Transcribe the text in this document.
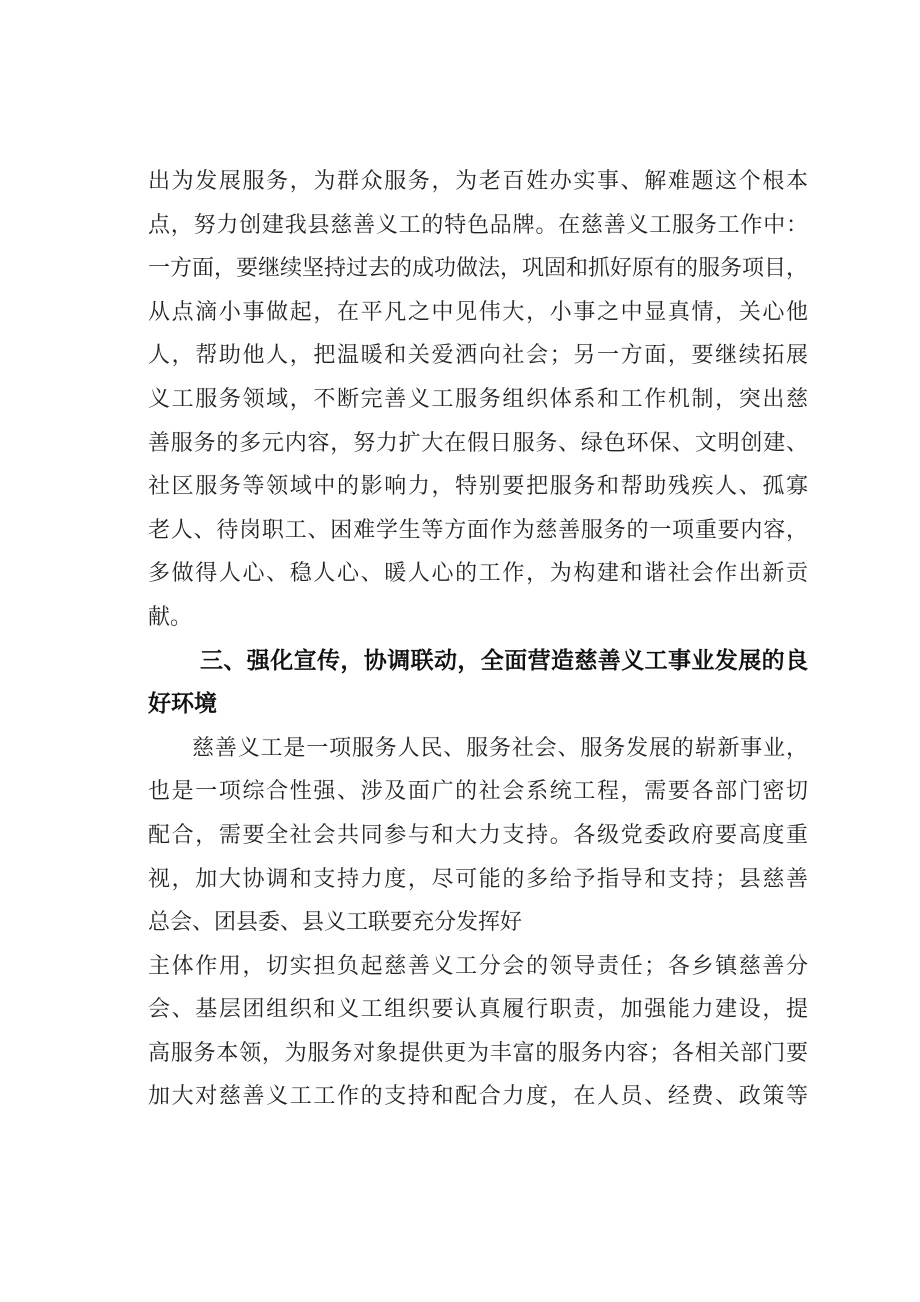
出为发展服务，为群众服务，为老百姓办实事、解难题这个根本
点，努力创建我县慈善义工的特色品牌。在慈善义工服务工作中：
一方面，要继续坚持过去的成功做法，巩固和抓好原有的服务项目，
从点滴小事做起，在平凡之中见伟大，小事之中显真情，关心他
人，帮助他人，把温暖和关爱洒向社会；另一方面，要继续拓展
义工服务领域，不断完善义工服务组织体系和工作机制，突出慈
善服务的多元内容，努力扩大在假日服务、绿色环保、文明创建、
社区服务等领域中的影响力，特别要把服务和帮助残疾人、孤寡
老人、待岗职工、困难学生等方面作为慈善服务的一项重要内容，
多做得人心、稳人心、暖人心的工作，为构建和谐社会作出新贡
献。
三、强化宣传，协调联动，全面营造慈善义工事业发展的良
好环境
慈善义工是一项服务人民、服务社会、服务发展的崭新事业，
也是一项综合性强、涉及面广的社会系统工程，需要各部门密切
配合，需要全社会共同参与和大力支持。各级党委政府要高度重
视，加大协调和支持力度，尽可能的多给予指导和支持；县慈善
总会、团县委、县义工联要充分发挥好
主体作用，切实担负起慈善义工分会的领导责任；各乡镇慈善分
会、基层团组织和义工组织要认真履行职责，加强能力建设，提
高服务本领，为服务对象提供更为丰富的服务内容；各相关部门要
加大对慈善义工工作的支持和配合力度，在人员、经费、政策等
